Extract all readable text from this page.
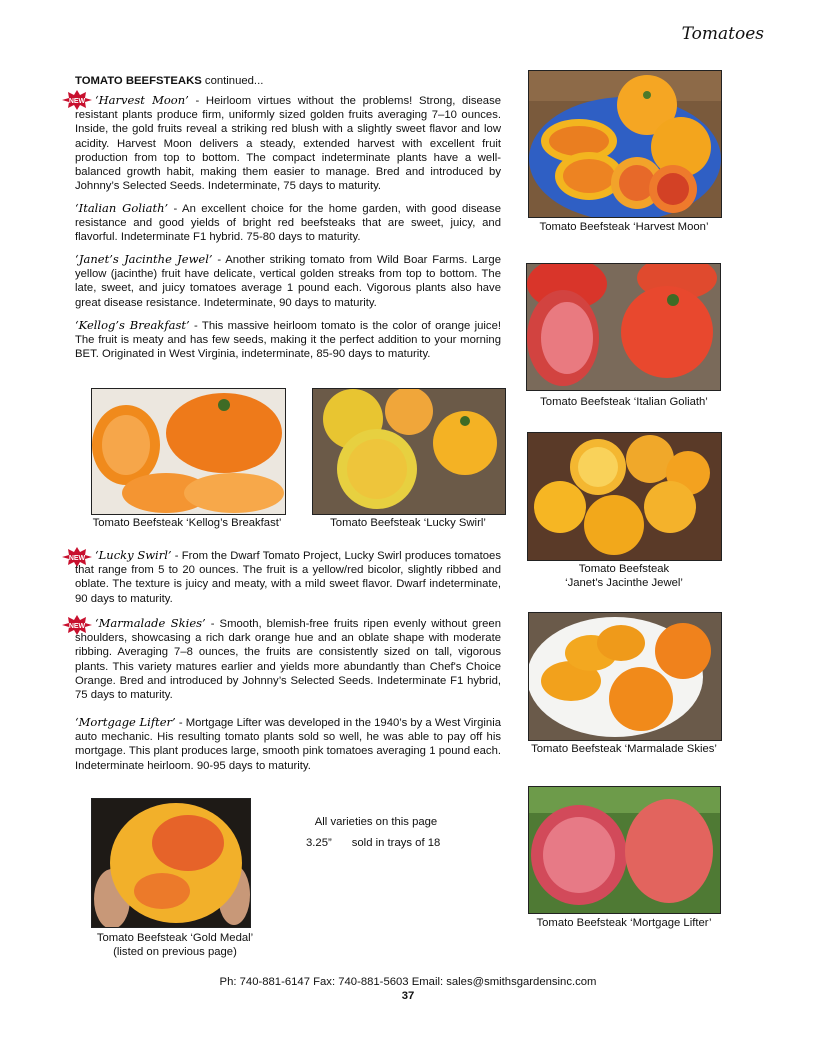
Tomatoes

TOMATO BEEFSTEAKS continued...

NEW ‘Harvest Moon’ - Heirloom virtues without the problems! Strong, disease resistant plants produce firm, uniformly sized golden fruits averaging 7–10 ounces. Inside, the gold fruits reveal a striking red blush with a slightly sweet flavor and low acidity. Harvest Moon delivers a steady, extended harvest with excellent fruit production from top to bottom. The compact indeterminate plants have a well-balanced growth habit, making them easier to manage. Bred and introduced by Johnny’s Selected Seeds. Indeterminate, 75 days to maturity.

‘Italian Goliath’ - An excellent choice for the home garden, with good disease resistance and good yields of bright red beefsteaks that are sweet, juicy, and flavorful. Indeterminate F1 hybrid. 75-80 days to maturity.

‘Janet’s Jacinthe Jewel’ - Another striking tomato from Wild Boar Farms. Large yellow (jacinthe) fruit have delicate, vertical golden streaks from top to bottom. The late, sweet, and juicy tomatoes average 1 pound each. Vigorous plants also have great disease resistance. Indeterminate, 90 days to maturity.

‘Kellog’s Breakfast’ - This massive heirloom tomato is the color of orange juice! The fruit is meaty and has few seeds, making it the perfect addition to your morning BET. Originated in West Virginia, indeterminate, 85-90 days to maturity.

NEW ‘Lucky Swirl’ - From the Dwarf Tomato Project, Lucky Swirl produces tomatoes that range from 5 to 20 ounces. The fruit is a yellow/red bicolor, slightly ribbed and oblate. The texture is juicy and meaty, with a mild sweet flavor. Dwarf indeterminate, 90 days to maturity.

NEW ‘Marmalade Skies’ - Smooth, blemish-free fruits ripen evenly without green shoulders, showcasing a rich dark orange hue and an oblate shape with moderate ribbing. Averaging 7–8 ounces, the fruits are consistently sized on tall, vigorous plants. This variety matures earlier and yields more abundantly than Chef's Choice Orange. Bred and introduced by Johnny’s Selected Seeds. Indeterminate F1 hybrid, 75 days to maturity.

‘Mortgage Lifter’ - Mortgage Lifter was developed in the 1940’s by a West Virginia auto mechanic. His resulting tomato plants sold so well, he was able to pay off his mortgage. This plant produces large, smooth pink tomatoes averaging 1 pound each. Indeterminate heirloom. 90-95 days to maturity.

Tomato Beefsteak ‘Harvest Moon’
Tomato Beefsteak ‘Italian Goliath’
Tomato Beefsteak
‘Janet’s Jacinthe Jewel’
Tomato Beefsteak ‘Marmalade Skies’
Tomato Beefsteak ‘Mortgage Lifter’
Tomato Beefsteak ‘Kellog’s Breakfast’	Tomato Beefsteak ‘Lucky Swirl’
Tomato Beefsteak ‘Gold Medal’
(listed on previous page)
All varieties on this page
3.25” sold in trays of 18
Ph: 740-881-6147 Fax: 740-881-5603 Email: sales@smithsgardensinc.com
37
